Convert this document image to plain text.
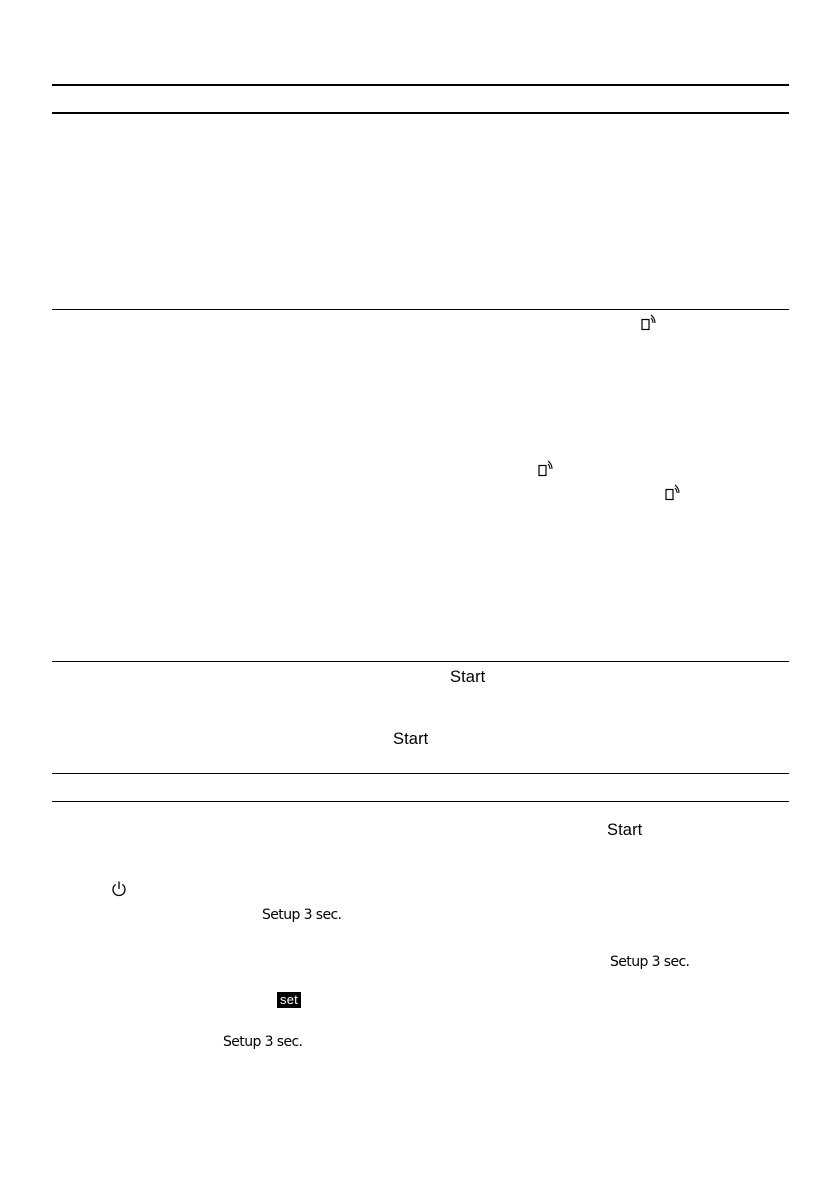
Start
Start
Start
Setup 3 sec.
Setup 3 sec.
Setup 3 sec.
set
